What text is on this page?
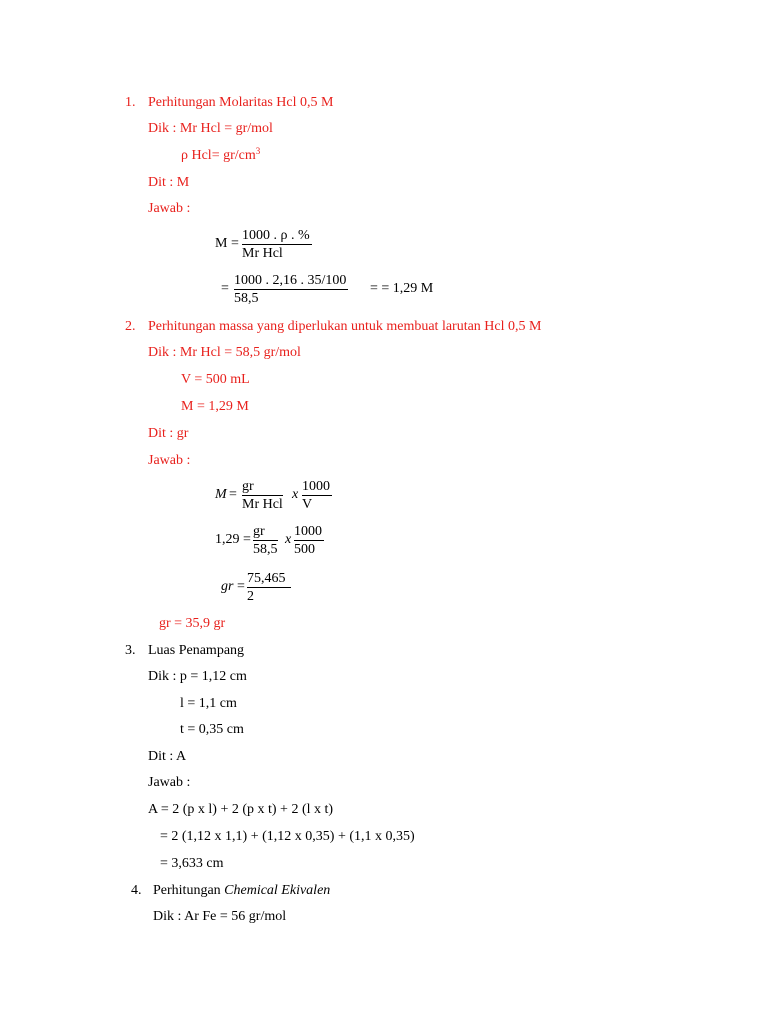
1. Perhitungan Molaritas Hcl 0,5 M
Dik : Mr Hcl = gr/mol
ρ $Hcl= gr/cm^3$
Dit : M
Jawab :
M =
1000 . ρ . %
Mr Hcl
= $\frac{1000 . 2,16 . 35/100}{58,5}$ = = 1,29 M
2. Perhitungan massa yang diperlukan untuk membuat larutan Hcl 0,5 M
Dik : Mr Hcl = 58,5 gr/mol
V = 500 mL
M = 1,29 M
Dit : gr
Jawab :
M =
gr
Mr Hcl
x $\frac{1000}{V}$
$1,29 = \frac{gr}{58,5}$ x $\frac{1000}{500}$
gr = $\frac{75,465}{2}$
gr = 35,9 gr
3. Luas Penampang
Dik : p = 1,12 cm
l = 1,1 cm
t = 0,35 cm
Dit : A
Jawab :
A = 2 (p x l) + 2 (p x t) + 2 (l x t)
= 2 (1,12 x 1,1) + (1,12 x 0,35) + (1,1 x 0,35)
= 3,633 cm
4. Perhitungan Chemical Ekivalen
Dik : Ar Fe = 56 gr/mol
